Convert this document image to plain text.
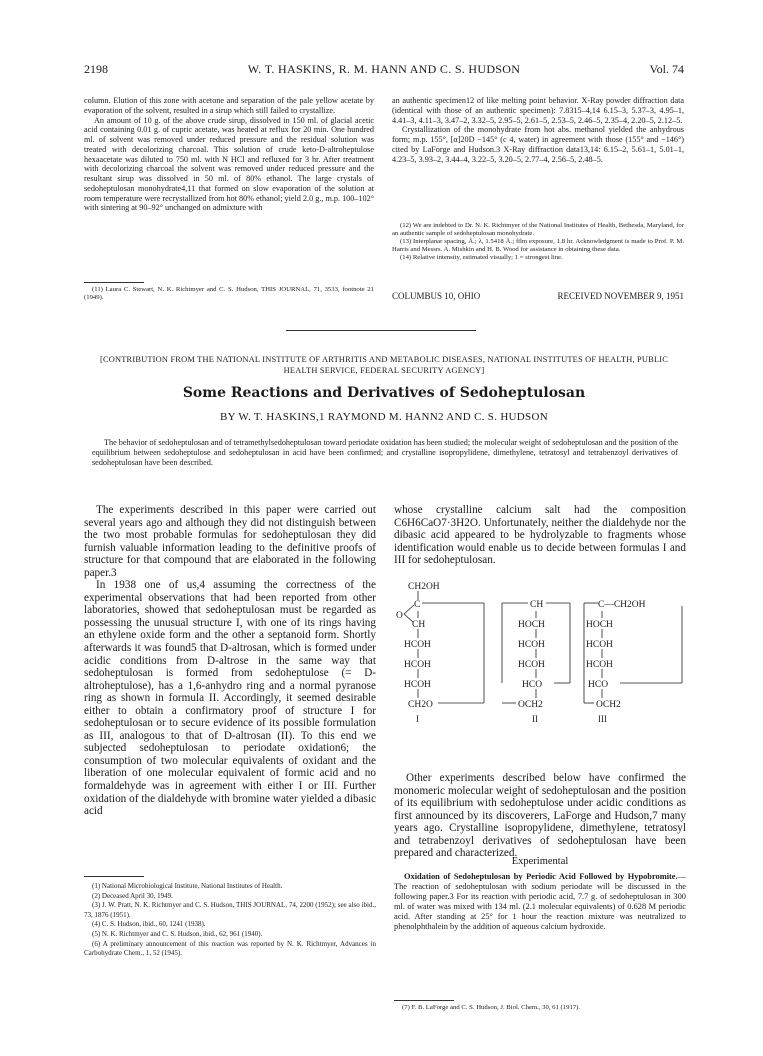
2198	W. T. HASKINS, R. M. HANN AND C. S. HUDSON	Vol. 74

column. Elution of this zone with acetone and separation of the pale yellow acetate by evaporation of the solvent, resulted in a sirup which still failed to crystallize.

An amount of 10 g. of the above crude sirup, dissolved in 150 ml. of glacial acetic acid containing 0.01 g. of cupric acetate, was heated at reflux for 20 min. One hundred ml. of solvent was removed under reduced pressure and the residual solution was treated with decolorizing charcoal. This solution of crude keto-D-altroheptulose hexaacetate was diluted to 750 ml. with N HCl and refluxed for 3 hr. After treatment with decolorizing charcoal the solvent was removed under reduced pressure and the resultant sirup was dissolved in 50 ml. of 80% ethanol. The large crystals of sedoheptulosan monohydrate4,11 that formed on slow evaporation of the solution at room temperature were recrystallized from hot 80% ethanol; yield 2.0 g., m.p. 100–102° with sintering at 90–92° unchanged on admixture with

(11) Laura C. Stewart, N. K. Richtmyer and C. S. Hudson, THIS JOURNAL, 71, 3533, footnote 21 (1949).

an authentic specimen12 of like melting point behavior. X-Ray powder diffraction data (identical with those of an authentic specimen): 7.8315–4,14 6.15–3, 5.37–3, 4.95–1, 4.41–3, 4.11–3, 3.47–2, 3.32–5, 2.95–5, 2.61–5, 2.53–5, 2.46–5, 2.35–4, 2.20–5, 2.12–5.

Crystallization of the monohydrate from hot abs. methanol yielded the anhydrous form; m.p. 155°, [α]20D −145° (c 4, water) in agreement with those (155° and −146°) cited by LaForge and Hudson.3 X-Ray diffraction data13,14: 6.15–2, 5.61–1, 5.01–1, 4.23–5, 3.93–2, 3.44–4, 3.22–5, 3.20–5, 2.77–4, 2.56–5, 2.48–5.

(12) We are indebted to Dr. N. K. Richtmyer of the National Institutes of Health, Bethesda, Maryland, for an authentic sample of sedoheptulosan monohydrate.

(13) Interplanar spacing, Å.; λ, 1.5418 Å.; film exposure, 1.8 hr. Acknowledgment is made to Prof. P. M. Harris and Messrs. A. Mishkin and H. B. Wood for assistance in obtaining these data.

(14) Relative intensity, estimated visually; 1 = strongest line.

COLUMBUS 10, OHIO	RECEIVED NOVEMBER 9, 1951
[CONTRIBUTION FROM THE NATIONAL INSTITUTE OF ARTHRITIS AND METABOLIC DISEASES, NATIONAL INSTITUTES OF HEALTH, PUBLIC HEALTH SERVICE, FEDERAL SECURITY AGENCY]
Some Reactions and Derivatives of Sedoheptulosan
BY W. T. HASKINS,1 RAYMOND M. HANN2 AND C. S. HUDSON
The behavior of sedoheptulosan and of tetramethylsedoheptulosan toward periodate oxidation has been studied; the molecular weight of sedoheptulosan and the position of the equilibrium between sedoheptulose and sedoheptulosan in acid have been confirmed; and crystalline isopropylidene, dimethylene, tetratosyl and tetrabenzoyl derivatives of sedoheptulosan have been described.

The experiments described in this paper were carried out several years ago and although they did not distinguish between the two most probable formulas for sedoheptulosan they did furnish valuable information leading to the definitive proofs of structure for that compound that are elaborated in the following paper.3

In 1938 one of us,4 assuming the correctness of the experimental observations that had been reported from other laboratories, showed that sedoheptulosan must be regarded as possessing the unusual structure I, with one of its rings having an ethylene oxide form and the other a septanoid form. Shortly afterwards it was found5 that D-altrosan, which is formed under acidic conditions from D-altrose in the same way that sedoheptulosan is formed from sedoheptulose (= D-altroheptulose), has a 1,6-anhydro ring and a normal pyranose ring as shown in formula II. Accordingly, it seemed desirable either to obtain a confirmatory proof of structure I for sedoheptulosan or to secure evidence of its possible formulation as III, analogous to that of D-altrosan (II). To this end we subjected sedoheptulosan to periodate oxidation6; the consumption of two molecular equivalents of oxidant and the liberation of one molecular equivalent of formic acid and no formaldehyde was in agreement with either I or III. Further oxidation of the dialdehyde with bromine water yielded a dibasic acid

(1) National Microbiological Institute, National Institutes of Health.

(2) Deceased April 30, 1949.

(3) J. W. Pratt, N. K. Richtmyer and C. S. Hudson, THIS JOURNAL, 74, 2200 (1952); see also ibid., 73, 1876 (1951).

(4) C. S. Hudson, ibid., 60, 1241 (1938).

(5) N. K. Richtmyer and C. S. Hudson, ibid., 62, 961 (1940).

(6) A preliminary announcement of this reaction was reported by N. K. Richtmyer, Advances in Carbohydrate Chem., 1, 52 (1945).

whose crystalline calcium salt had the composition C6H6CaO7·3H2O. Unfortunately, neither the dialdehyde nor the dibasic acid appeared to be hydrolyzable to fragments whose identification would enable us to decide between formulas I and III for sedoheptulosan.

CH2OH
C
O
CH
HCOH
HCOH
HCOH
CH2O
I
CH
HOCH
HCOH
HCOH
HCO
OCH2
II
C—CH2OH
HOCH
HCOH
HCOH
HCO
OCH2
III

Other experiments described below have confirmed the monomeric molecular weight of sedoheptulosan and the position of its equilibrium with sedoheptulose under acidic conditions as first announced by its discoverers, LaForge and Hudson,7 many years ago. Crystalline isopropylidene, dimethylene, tetratosyl and tetrabenzoyl derivatives of sedoheptulosan have been prepared and characterized.

Experimental

Oxidation of Sedoheptulosan by Periodic Acid Followed by Hypobromite.—The reaction of sedoheptulosan with sodium periodate will be discussed in the following paper.3 For its reaction with periodic acid, 7.7 g. of sedoheptulosan in 300 ml. of water was mixed with 134 ml. (2.1 molecular equivalents) of 0.628 M periodic acid. After standing at 25° for 1 hour the reaction mixture was neutralized to phenolphthalein by the addition of aqueous calcium hydroxide.

(7) F. B. LaForge and C. S. Hudson, J. Biol. Chem., 30, 61 (1917).
